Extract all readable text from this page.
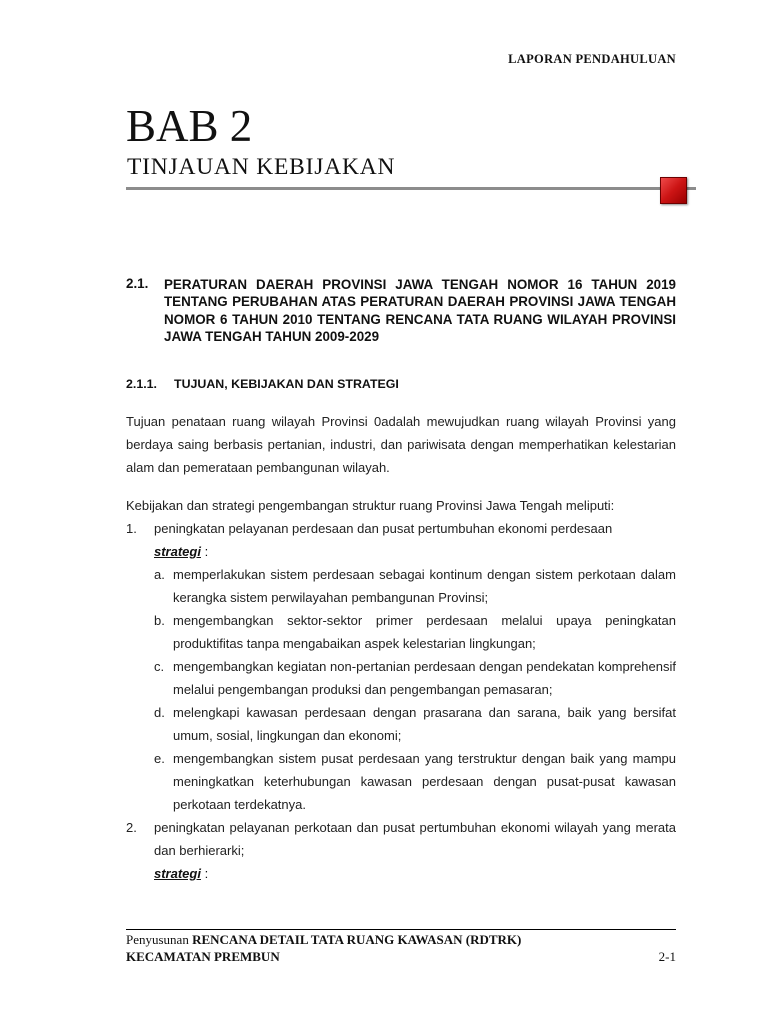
LAPORAN PENDAHULUAN
BAB 2
TINJAUAN KEBIJAKAN
2.1. PERATURAN DAERAH PROVINSI JAWA TENGAH NOMOR 16 TAHUN 2019 TENTANG PERUBAHAN ATAS PERATURAN DAERAH PROVINSI JAWA TENGAH NOMOR 6 TAHUN 2010 TENTANG RENCANA TATA RUANG WILAYAH PROVINSI JAWA TENGAH TAHUN 2009-2029
2.1.1. TUJUAN, KEBIJAKAN DAN STRATEGI
Tujuan penataan ruang wilayah Provinsi 0adalah mewujudkan ruang wilayah Provinsi yang berdaya saing berbasis pertanian, industri, dan pariwisata dengan memperhatikan kelestarian alam dan pemerataan pembangunan wilayah.
Kebijakan dan strategi pengembangan struktur ruang Provinsi Jawa Tengah meliputi:
1. peningkatan pelayanan perdesaan dan pusat pertumbuhan ekonomi perdesaan
strategi :
a. memperlakukan sistem perdesaan sebagai kontinum dengan sistem perkotaan dalam kerangka sistem perwilayahan pembangunan Provinsi;
b. mengembangkan sektor-sektor primer perdesaan melalui upaya peningkatan produktifitas tanpa mengabaikan aspek kelestarian lingkungan;
c. mengembangkan kegiatan non-pertanian perdesaan dengan pendekatan komprehensif melalui pengembangan produksi dan pengembangan pemasaran;
d. melengkapi kawasan perdesaan dengan prasarana dan sarana, baik yang bersifat umum, sosial, lingkungan dan ekonomi;
e. mengembangkan sistem pusat perdesaan yang terstruktur dengan baik yang mampu meningkatkan keterhubungan kawasan perdesaan dengan pusat-pusat kawasan perkotaan terdekatnya.
2. peningkatan pelayanan perkotaan dan pusat pertumbuhan ekonomi wilayah yang merata dan berhierarki;
strategi :
Penyusunan RENCANA DETAIL TATA RUANG KAWASAN (RDTRK)
KECAMATAN PREMBUN	2-1
